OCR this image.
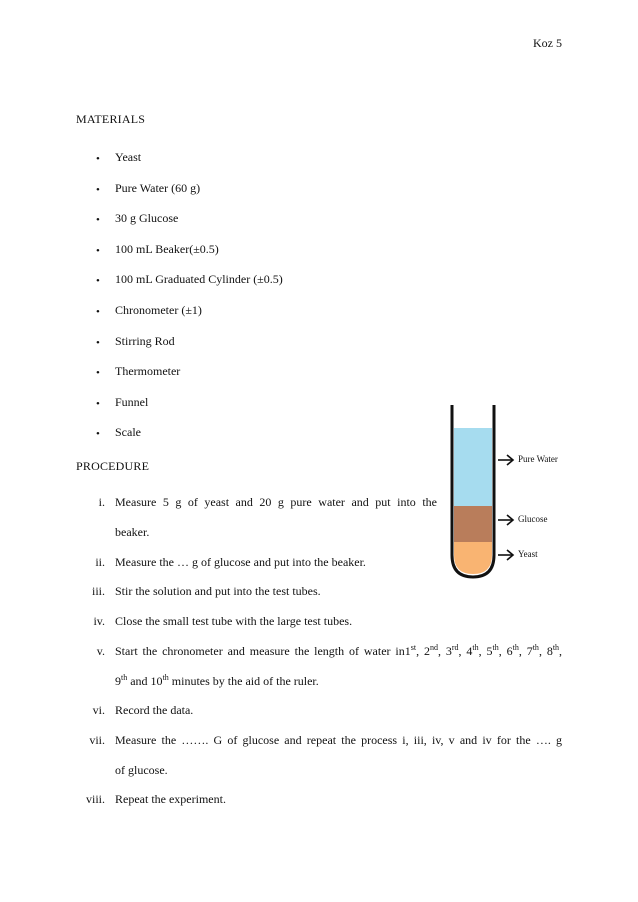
Koz 5
MATERIALS
• Yeast
• Pure Water (60 g)
• 30 g Glucose
• 100 mL Beaker(±0.5)
• 100 mL Graduated Cylinder (±0.5)
• Chronometer (±1)
• Stirring Rod
• Thermometer
• Funnel
• Scale
PROCEDURE
i. Measure 5 g of yeast and 20 g pure water and put into the
beaker.
ii. Measure the … g of glucose and put into the beaker.
iii. Stir the solution and put into the test tubes.
iv. Close the small test tube with the large test tubes.
v. Start the chronometer and measure the length of water in1st, 2nd, 3rd, 4th, 5th, 6th, 7th, 8th,
9th and 10th minutes by the aid of the ruler.
vi. Record the data.
vii. Measure the ……. G of glucose and repeat the process i, iii, iv, v and iv for the …. g
of glucose.
viii. Repeat the experiment.
Pure Water
Glucose
Yeast
